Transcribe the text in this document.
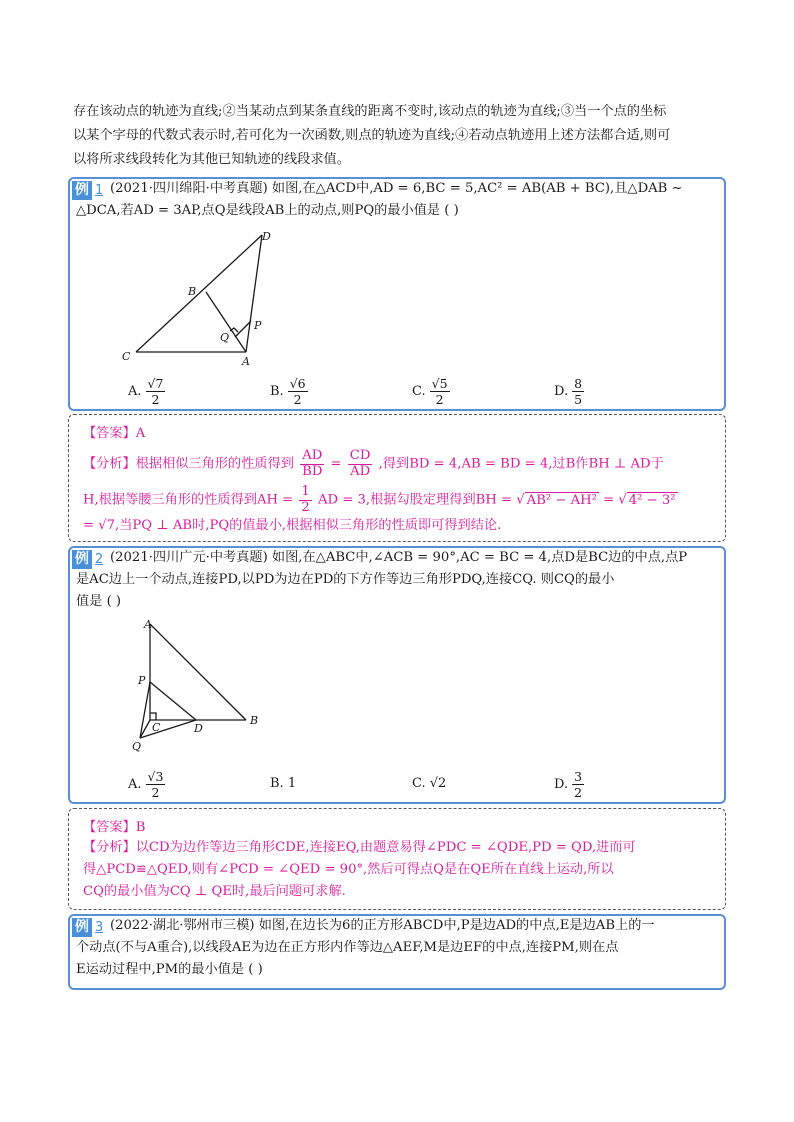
存在该动点的轨迹为直线;②当某动点到某条直线的距离不变时,该动点的轨迹为直线;③当一个点的坐标
以某个字母的代数式表示时,若可化为一次函数,则点的轨迹为直线;④若动点轨迹用上述方法都合适,则可
以将所求线段转化为其他已知轨迹的线段求值。
例 1 (2021·四川绵阳·中考真题) 如图,在△ACD中,AD = 6,BC = 5,AC² = AB(AB + BC),且△DAB ~
△DCA,若AD = 3AP,点Q是线段AB上的动点,则PQ的最小值是 ( )
D
B
P
Q
C	A
A. $\frac{√7}{2}$	B. $\frac{√6}{2}$	C. $\frac{√5}{2}$	D. $\frac{8}{5}$
【答案】A
【分析】根据相似三角形的性质得到 $\frac{AD}{BD} = \frac{CD}{AD}$ ,得到BD = 4,AB = BD = 4,过B作BH ⊥ AD于
H,根据等腰三角形的性质得到AH = $\frac{1}{2}$ AD = 3,根据勾股定理得到BH = √ AB² − AH² = √ 4² − 3²
= √7,当PQ ⊥ AB时,PQ的值最小,根据相似三角形的性质即可得到结论.
例 2 (2021·四川广元·中考真题) 如图,在△ABC中,∠ACB = 90°,AC = BC = 4,点D是BC边的中点,点P
是AC边上一个动点,连接PD,以PD为边在PD的下方作等边三角形PDQ,连接CQ. 则CQ的最小
值是 ( )
A
P
C	D
B
Q
A. $\frac{√3}{2}$	B.
1	C.
√2	D. $\frac{3}{2}$
【答案】B
【分析】以CD为边作等边三角形CDE,连接EQ,由题意易得∠PDC = ∠QDE,PD = QD,进而可
得△PCD≌△QED,则有∠PCD = ∠QED = 90°,然后可得点Q是在QE所在直线上运动,所以
CQ的最小值为CQ ⊥ QE时,最后问题可求解.
例 3 (2022·湖北·鄂州市三模) 如图,在边长为6的正方形ABCD中,P是边AD的中点,E是边AB上的一
个动点(不与A重合),以线段AE为边在正方形内作等边△AEF,M是边EF的中点,连接PM,则在点
E运动过程中,PM的最小值是 ( )
